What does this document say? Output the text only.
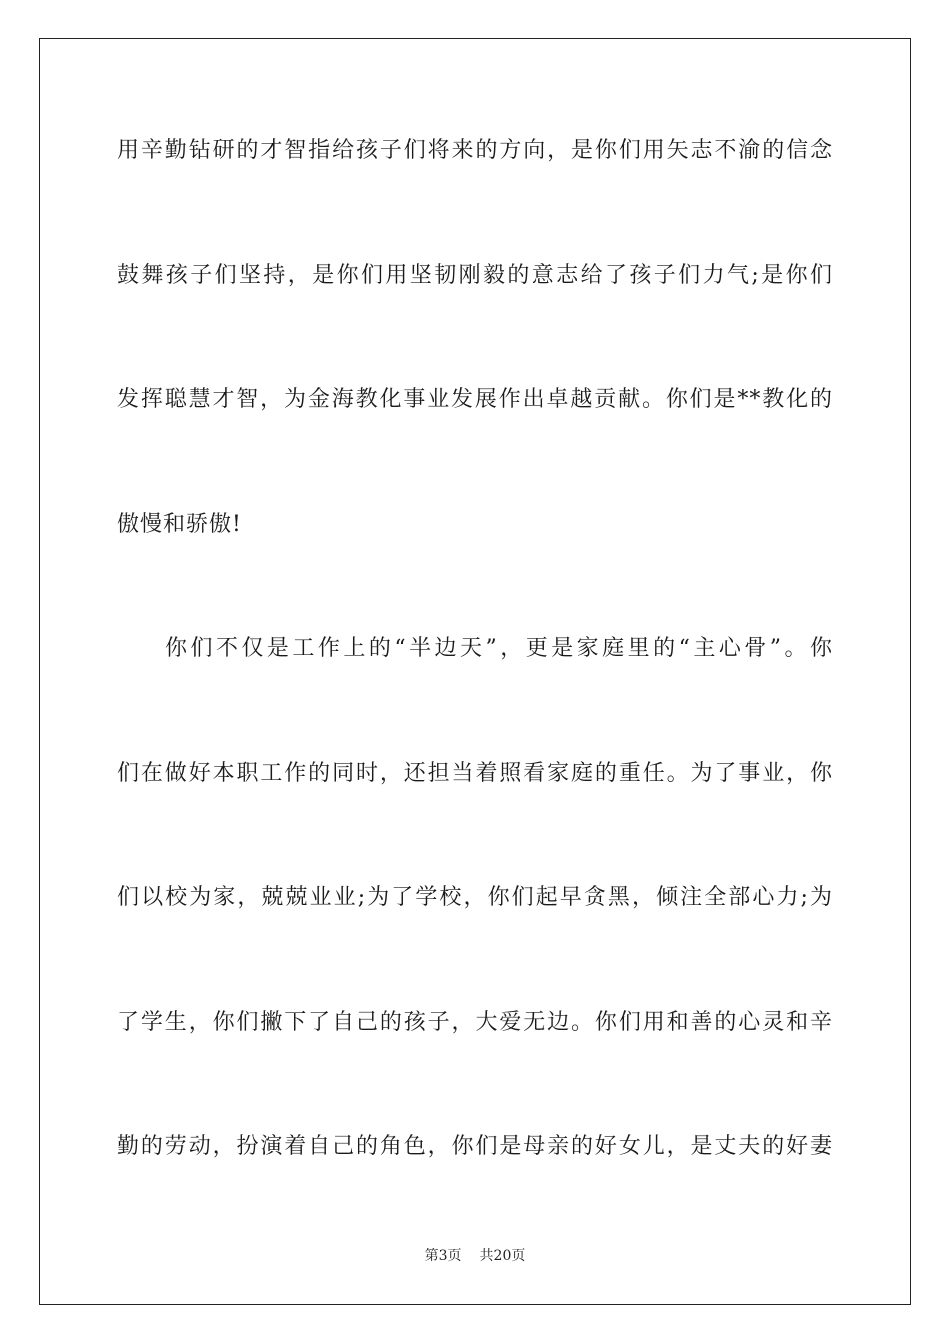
用辛勤钻研的才智指给孩子们将来的方向，是你们用矢志不渝的信念
鼓舞孩子们坚持，是你们用坚韧刚毅的意志给了孩子们力气;是你们
发挥聪慧才智，为金海教化事业发展作出卓越贡献。你们是**教化的
傲慢和骄傲!
你们不仅是工作上的“半边天”，更是家庭里的“主心骨”。你
们在做好本职工作的同时，还担当着照看家庭的重任。为了事业，你
们以校为家，兢兢业业;为了学校，你们起早贪黑，倾注全部心力;为
了学生，你们撇下了自己的孩子，大爱无边。你们用和善的心灵和辛
勤的劳动，扮演着自己的角色，你们是母亲的好女儿，是丈夫的好妻
第3页 共20页
